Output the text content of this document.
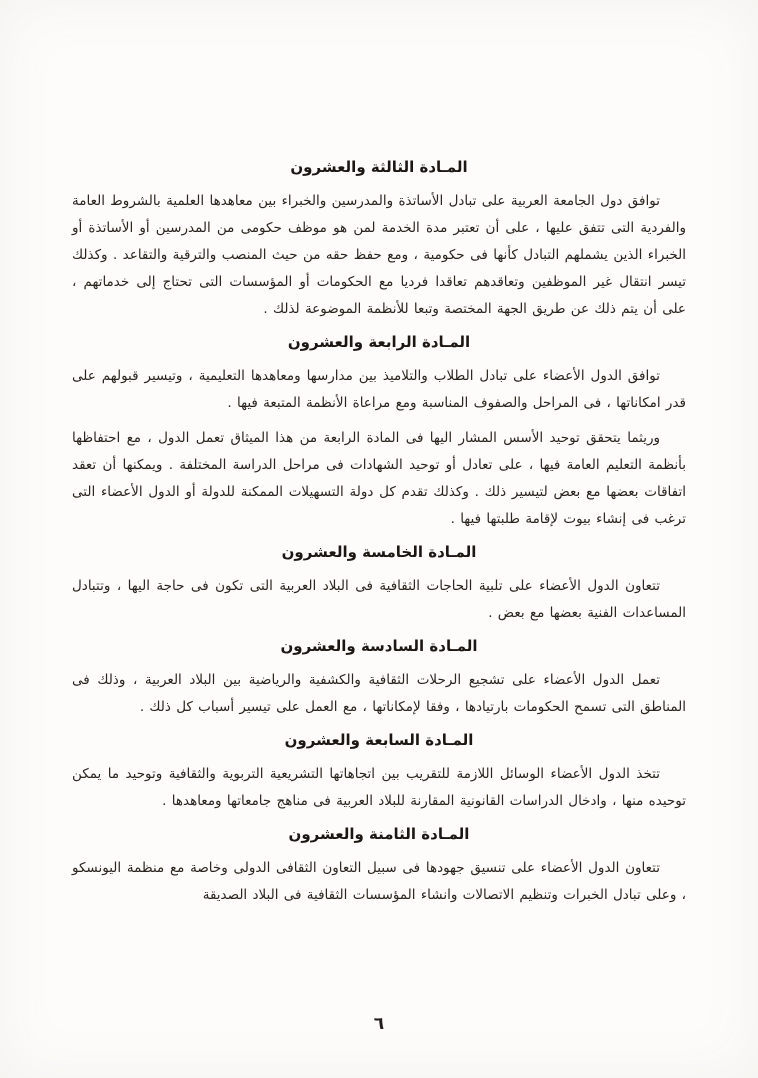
المـادة الثالثة والعشرون

توافق دول الجامعة العربية على تبادل الأساتذة والمدرسين والخبراء بين معاهدها العلمية بالشروط العامة والفردية التى تتفق عليها ، على أن تعتبر مدة الخدمة لمن هو موظف حكومى من المدرسين أو الأساتذة أو الخبراء الذين يشملهم التبادل كأنها فى حكومية ، ومع حفظ حقه من حيث المنصب والترقية والتقاعد . وكذلك تيسر انتقال غير الموظفين وتعاقدهم تعاقدا فرديا مع الحكومات أو المؤسسات التى تحتاج إلى خدماتهم ، على أن يتم ذلك عن طريق الجهة المختصة وتبعا للأنظمة الموضوعة لذلك .

المـادة الرابعة والعشرون

توافق الدول الأعضاء على تبادل الطلاب والتلاميذ بين مدارسها ومعاهدها التعليمية ، وتيسير قبولهم على قدر امكاناتها ، فى المراحل والصفوف المناسبة ومع مراعاة الأنظمة المتبعة فيها .

وريثما يتحقق توحيد الأسس المشار اليها فى المادة الرابعة من هذا الميثاق تعمل الدول ، مع احتفاظها بأنظمة التعليم العامة فيها ، على تعادل أو توحيد الشهادات فى مراحل الدراسة المختلفة . ويمكنها أن تعقد اتفاقات بعضها مع بعض لتيسير ذلك . وكذلك تقدم كل دولة التسهيلات الممكنة للدولة أو الدول الأعضاء التى ترغب فى إنشاء بيوت لإقامة طلبتها فيها .

المـادة الخامسة والعشرون

تتعاون الدول الأعضاء على تلبية الحاجات الثقافية فى البلاد العربية التى تكون فى حاجة اليها ، وتتبادل المساعدات الفنية بعضها مع بعض .

المـادة السادسة والعشرون

تعمل الدول الأعضاء على تشجيع الرحلات الثقافية والكشفية والرياضية بين البلاد العربية ، وذلك فى المناطق التى تسمح الحكومات بارتيادها ، وفقا لإمكاناتها ، مع العمل على تيسير أسباب كل ذلك .

المـادة السابعة والعشرون

تتخذ الدول الأعضاء الوسائل اللازمة للتقريب بين اتجاهاتها التشريعية التربوية والثقافية وتوحيد ما يمكن توحيده منها ، وادخال الدراسات القانونية المقارنة للبلاد العربية فى مناهج جامعاتها ومعاهدها .

المـادة الثامنة والعشرون

تتعاون الدول الأعضاء على تنسيق جهودها فى سبيل التعاون الثقافى الدولى وخاصة مع منظمة اليونسكو ، وعلى تبادل الخبرات وتنظيم الاتصالات وانشاء المؤسسات الثقافية فى البلاد الصديقة

٦
